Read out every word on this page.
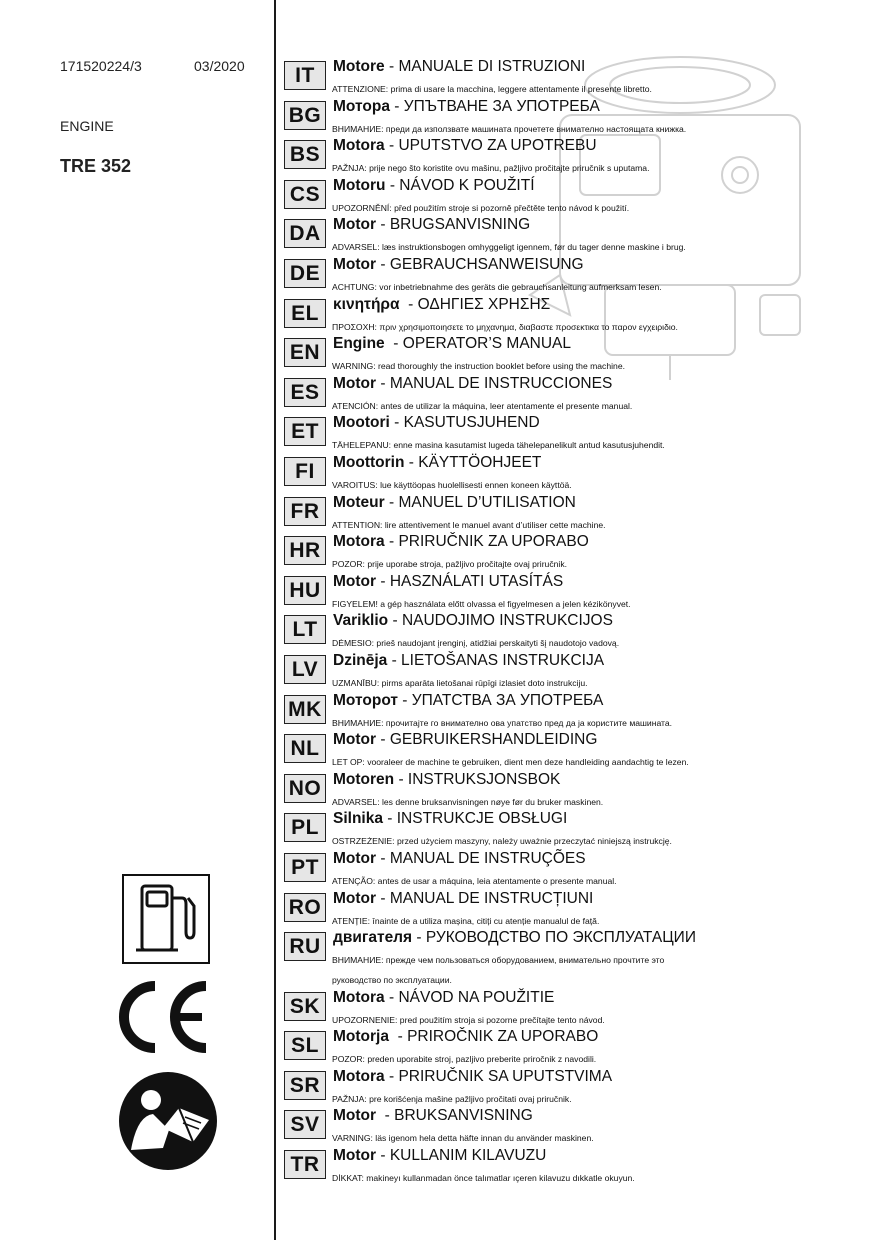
171520224/3	03/2020
ENGINE
TRE 352
IT	Motore - MANUALE DI ISTRUZIONI
ATTENZIONE: prima di usare la macchina, leggere attentamente il presente libretto.
BG Мотора - УПЪТВАНЕ ЗА УПОТРЕБА
ВНИМАНИЕ: преди да използвате машината прочетете внимателно настоящата книжка.
BS Motora - UPUTSTVO ZA UPOTREBU
PAŽNJA: prije nego što koristite ovu mašinu, pažljivo pročitajte priručnik s uputama.
CS Motoru - NÁVOD K POUŽITÍ
UPOZORNĚNÍ: před použitím stroje si pozorně přečtěte tento návod k použití.
DA Motor - BRUGSANVISNING
ADVARSEL: læs instruktionsbogen omhyggeligt igennem, før du tager denne maskine i brug.
DE Motor - GEBRAUCHSANWEISUNG
ACHTUNG: vor inbetriebnahme des geräts die gebrauchsanleitung aufmerksam lesen.
EL κινητήρα  - ΟΔΗΓΙΕΣ ΧΡΗΣΗΣ
ΠΡΟΣΟΧΗ: πριν χρησιμοποιησετε το μηχανημα, διαβαστε προσεκτικα το παρον εγχειριδιο.
EN Engine  - OPERATOR’S MANUAL
WARNING: read thoroughly the instruction booklet before using the machine.
ES Motor - MANUAL DE INSTRUCCIONES
ATENCIÓN: antes de utilizar la máquina, leer atentamente el presente manual.
ET Mootori - KASUTUSJUHEND
TÄHELEPANU: enne masina kasutamist lugeda tähelepanelikult antud kasutusjuhendit.
FI	Moottorin - KÄYTTÖOHJEET
VAROITUS: lue käyttöopas huolellisesti ennen koneen käyttöä.
FR Moteur - MANUEL D’UTILISATION
ATTENTION: lire attentivement le manuel avant d’utiliser cette machine.
HR Motora - PRIRUČNIK ZA UPORABO
POZOR: prije uporabe stroja, pažljivo pročitajte ovaj priručnik.
HU Motor - HASZNÁLATI UTASÍTÁS
FIGYELEM! a gép használata előtt olvassa el figyelmesen a jelen kézikönyvet.
LT Variklio - NAUDOJIMO INSTRUKCIJOS
DĖMESIO: prieš naudojant įrenginį, atidžiai perskaityti šį naudotojo vadovą.
LV Dzinēja - LIETOŠANAS INSTRUKCIJA
UZMANĪBU: pirms aparāta lietošanai rūpīgi izlasiet doto instrukciju.
MK Моторот - УПАТСТВА ЗА УПОТРЕБА
ВНИМАНИЕ: прочитајте го внимателно ова упатство пред да ја користите машината.
NL Motor - GEBRUIKERSHANDLEIDING
LET OP: vooraleer de machine te gebruiken, dient men deze handleiding aandachtig te lezen.
NO Motoren - INSTRUKSJONSBOK
ADVARSEL: les denne bruksanvisningen nøye før du bruker maskinen.
PL Silnika - INSTRUKCJE OBSŁUGI
OSTRZEŻENIE: przed użyciem maszyny, należy uważnie przeczytać niniejszą instrukcję.
PT Motor - MANUAL DE INSTRUÇÕES
ATENÇÃO: antes de usar a máquina, leia atentamente o presente manual.
RO Motor - MANUAL DE INSTRUCȚIUNI
ATENȚIE: înainte de a utiliza mașina, citiți cu atenție manualul de față.
RU двигателя - РУКОВОДСТВО ПО ЭКСПЛУАТАЦИИ
ВНИМАНИЕ: прежде чем пользоваться оборудованием, внимательно прочтите это
руководство по эксплуатации.
SK Motora - NÁVOD NA POUŽITIE
UPOZORNENIE: pred použitím stroja si pozorne prečítajte tento návod.
SL Motorja  - PRIROČNIK ZA UPORABO
POZOR: preden uporabite stroj, pazljivo preberite priročnik z navodili.
SR Motora - PRIRUČNIK SA UPUTSTVIMA
PAŽNJA: pre korišćenja mašine pažljivo pročitati ovaj priručnik.
SV Motor  - BRUKSANVISNING
VARNING: läs igenom hela detta häfte innan du använder maskinen.
TR Motor - KULLANIM KILAVUZU
DİKKAT: makineyı kullanmadan önce talımatlar ıçeren kilavuzu dıkkatle okuyun.
